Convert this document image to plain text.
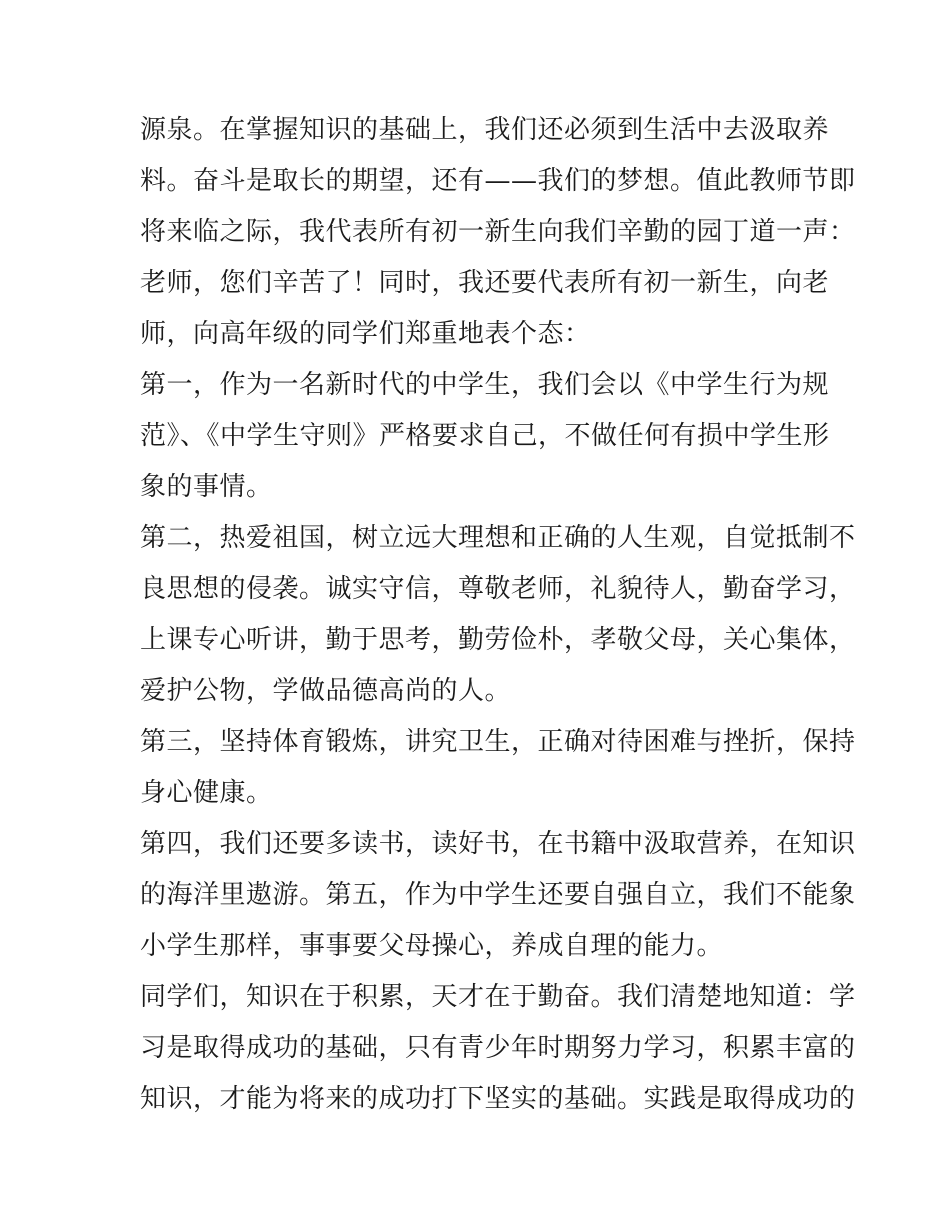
源泉。在掌握知识的基础上，我们还必须到生活中去汲取养
料。奋斗是取长的期望，还有——我们的梦想。值此教师节即
将来临之际，我代表所有初一新生向我们辛勤的园丁道一声：
老师，您们辛苦了！同时，我还要代表所有初一新生，向老
师，向高年级的同学们郑重地表个态：
第一，作为一名新时代的中学生，我们会以《中学生行为规
范》、《中学生守则》严格要求自己，不做任何有损中学生形
象的事情。
第二，热爱祖国，树立远大理想和正确的人生观，自觉抵制不
良思想的侵袭。诚实守信，尊敬老师，礼貌待人，勤奋学习，
上课专心听讲，勤于思考，勤劳俭朴，孝敬父母，关心集体，
爱护公物，学做品德高尚的人。
第三，坚持体育锻炼，讲究卫生，正确对待困难与挫折，保持
身心健康。
第四，我们还要多读书，读好书，在书籍中汲取营养，在知识
的海洋里遨游。第五，作为中学生还要自强自立，我们不能象
小学生那样，事事要父母操心，养成自理的能力。
同学们，知识在于积累，天才在于勤奋。我们清楚地知道：学
习是取得成功的基础，只有青少年时期努力学习，积累丰富的
知识，才能为将来的成功打下坚实的基础。实践是取得成功的
